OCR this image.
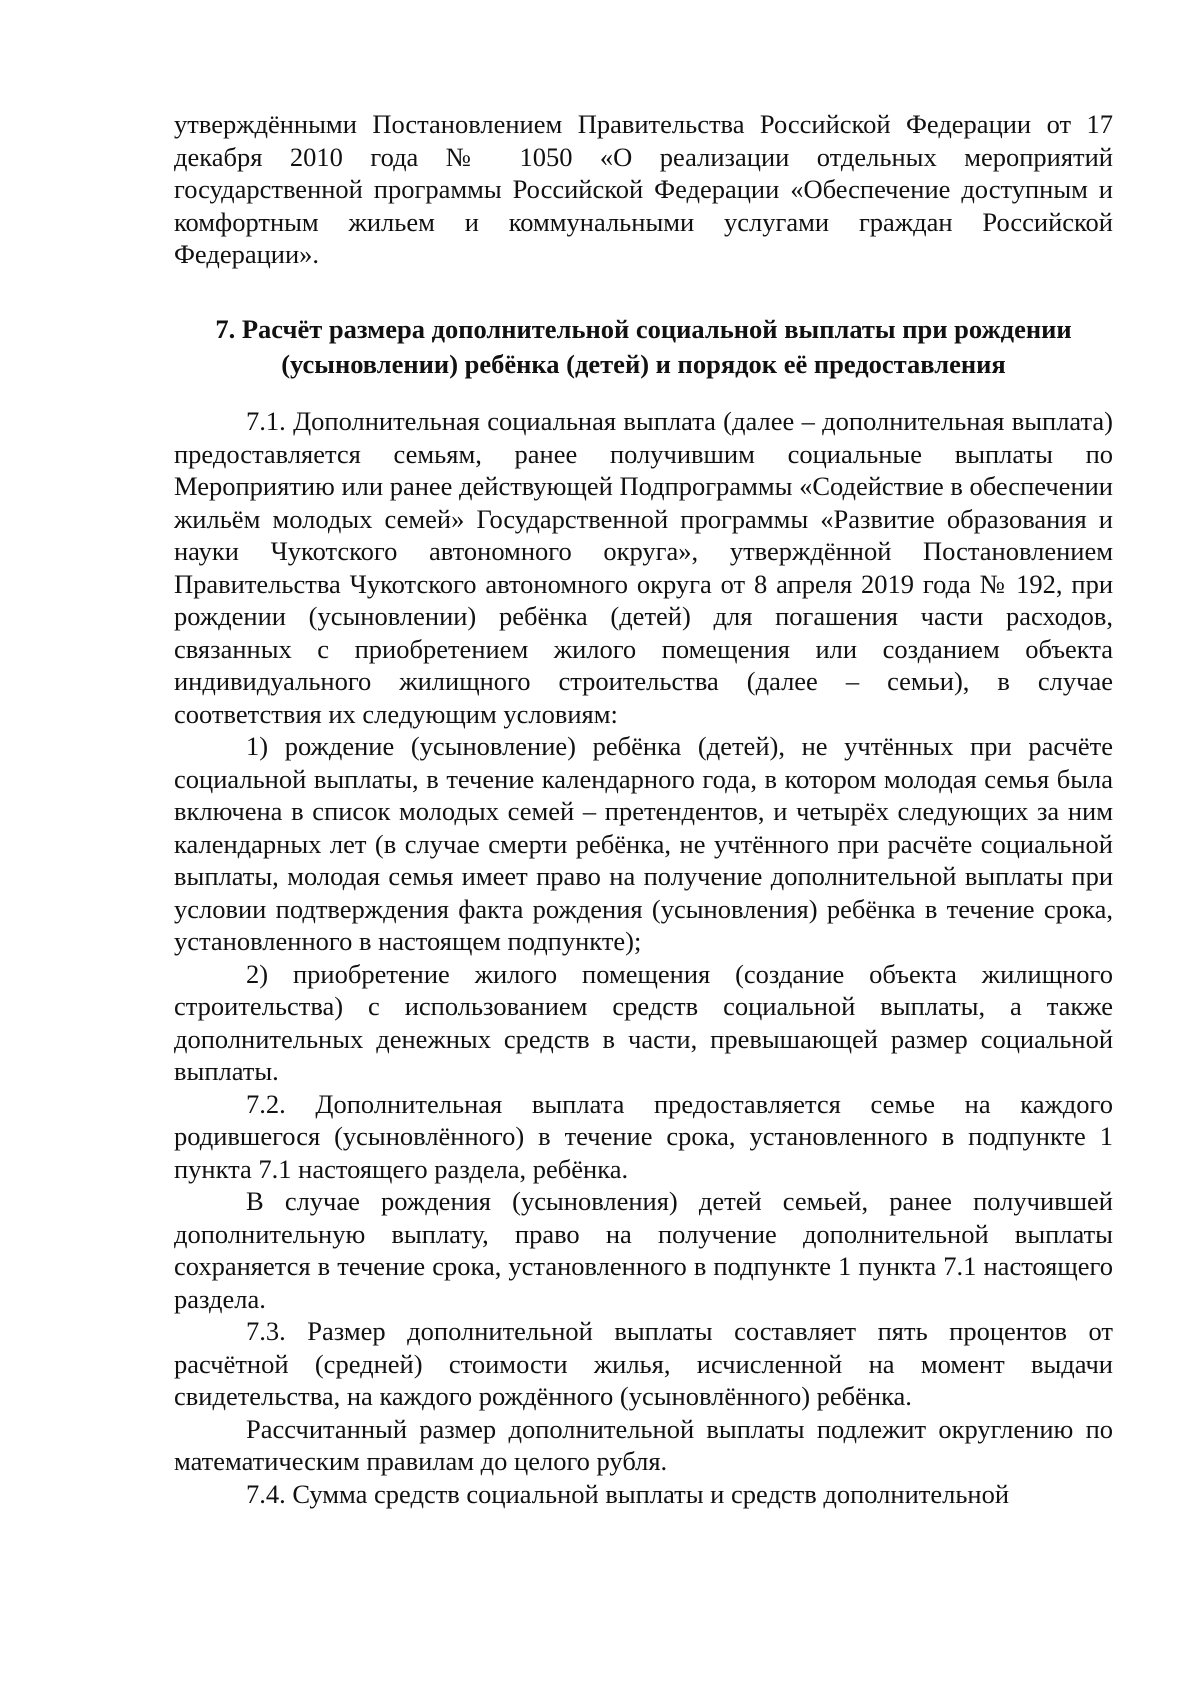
утверждёнными Постановлением Правительства Российской Федерации от 17 декабря 2010 года № 1050 «О реализации отдельных мероприятий государственной программы Российской Федерации «Обеспечение доступным и комфортным жильем и коммунальными услугами граждан Российской Федерации».

7. Расчёт размера дополнительной социальной выплаты при рождении
(усыновлении) ребёнка (детей) и порядок её предоставления

7.1. Дополнительная социальная выплата (далее – дополнительная выплата) предоставляется семьям, ранее получившим социальные выплаты по Мероприятию или ранее действующей Подпрограммы «Содействие в обеспечении жильём молодых семей» Государственной программы «Развитие образования и науки Чукотского автономного округа», утверждённой Постановлением Правительства Чукотского автономного округа от 8 апреля 2019 года № 192, при рождении (усыновлении) ребёнка (детей) для погашения части расходов, связанных с приобретением жилого помещения или созданием объекта индивидуального жилищного строительства (далее – семьи), в случае соответствия их следующим условиям:

1) рождение (усыновление) ребёнка (детей), не учтённых при расчёте социальной выплаты, в течение календарного года, в котором молодая семья была включена в список молодых семей – претендентов, и четырёх следующих за ним календарных лет (в случае смерти ребёнка, не учтённого при расчёте социальной выплаты, молодая семья имеет право на получение дополнительной выплаты при условии подтверждения факта рождения (усыновления) ребёнка в течение срока, установленного в настоящем подпункте);

2) приобретение жилого помещения (создание объекта жилищного строительства) с использованием средств социальной выплаты, а также дополнительных денежных средств в части, превышающей размер социальной выплаты.

7.2. Дополнительная выплата предоставляется семье на каждого родившегося (усыновлённого) в течение срока, установленного в подпункте 1 пункта 7.1 настоящего раздела, ребёнка.

В случае рождения (усыновления) детей семьей, ранее получившей дополнительную выплату, право на получение дополнительной выплаты сохраняется в течение срока, установленного в подпункте 1 пункта 7.1 настоящего раздела.

7.3. Размер дополнительной выплаты составляет пять процентов от расчётной (средней) стоимости жилья, исчисленной на момент выдачи свидетельства, на каждого рождённого (усыновлённого) ребёнка.

Рассчитанный размер дополнительной выплаты подлежит округлению по математическим правилам до целого рубля.

7.4. Сумма средств социальной выплаты и средств дополнительной
